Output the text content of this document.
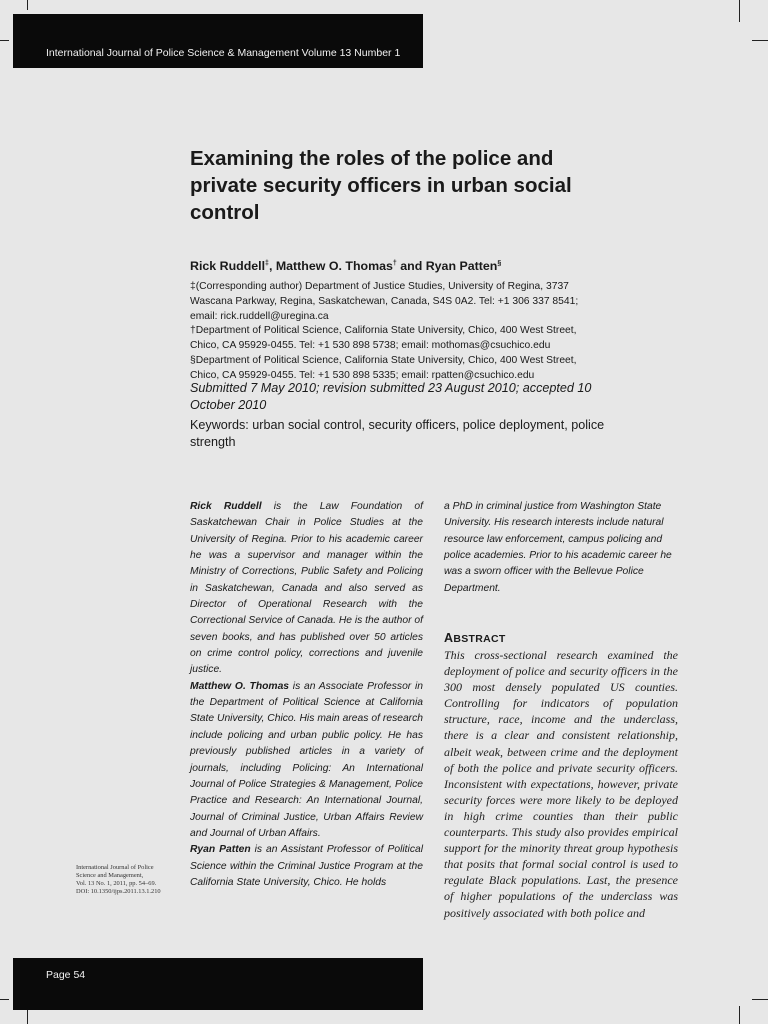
International Journal of Police Science & Management Volume 13 Number 1
Examining the roles of the police and private security officers in urban social control
Rick Ruddell‡, Matthew O. Thomas† and Ryan Patten§
‡(Corresponding author) Department of Justice Studies, University of Regina, 3737
Wascana Parkway, Regina, Saskatchewan, Canada, S4S 0A2. Tel: +1 306 337 8541;
email: rick.ruddell@uregina.ca
†Department of Political Science, California State University, Chico, 400 West Street,
Chico, CA 95929-0455. Tel: +1 530 898 5738; email: mothomas@csuchico.edu
§Department of Political Science, California State University, Chico, 400 West Street,
Chico, CA 95929-0455. Tel: +1 530 898 5335; email: rpatten@csuchico.edu
Submitted 7 May 2010; revision submitted 23 August 2010; accepted 10 October 2010
Keywords: urban social control, security officers, police deployment, police strength

Rick Ruddell is the Law Foundation of Saskatchewan Chair in Police Studies at the University of Regina. Prior to his academic career he was a supervisor and manager within the Ministry of Corrections, Public Safety and Policing in Saskatchewan, Canada and also served as Director of Operational Research with the Correctional Service of Canada. He is the author of seven books, and has published over 50 articles on crime control policy, corrections and juvenile justice.

Matthew O. Thomas is an Associate Professor in the Department of Political Science at California State University, Chico. His main areas of research include policing and urban public policy. He has previously published articles in a variety of journals, including Policing: An International Journal of Police Strategies & Management, Police Practice and Research: An International Journal, Journal of Criminal Justice, Urban Affairs Review and Journal of Urban Affairs.

Ryan Patten is an Assistant Professor of Political Science within the Criminal Justice Program at the California State University, Chico. He holds

a PhD in criminal justice from Washington State University. His research interests include natural resource law enforcement, campus policing and police academies. Prior to his academic career he was a sworn officer with the Bellevue Police Department.
ABSTRACT
This cross-sectional research examined the deployment of police and security officers in the 300 most densely populated US counties. Controlling for indicators of population structure, race, income and the underclass, there is a clear and consistent relationship, albeit weak, between crime and the deployment of both the police and private security officers. Inconsistent with expectations, however, private security forces were more likely to be deployed in high crime counties than their public counterparts. This study also provides empirical support for the minority threat group hypothesis that posits that formal social control is used to regulate Black populations. Last, the presence of higher populations of the underclass was positively associated with both police and
International Journal of Police
Science and Management,
Vol. 13 No. 1, 2011, pp. 54–69.
DOI: 10.1350/ijps.2011.13.1.210
Page 54
